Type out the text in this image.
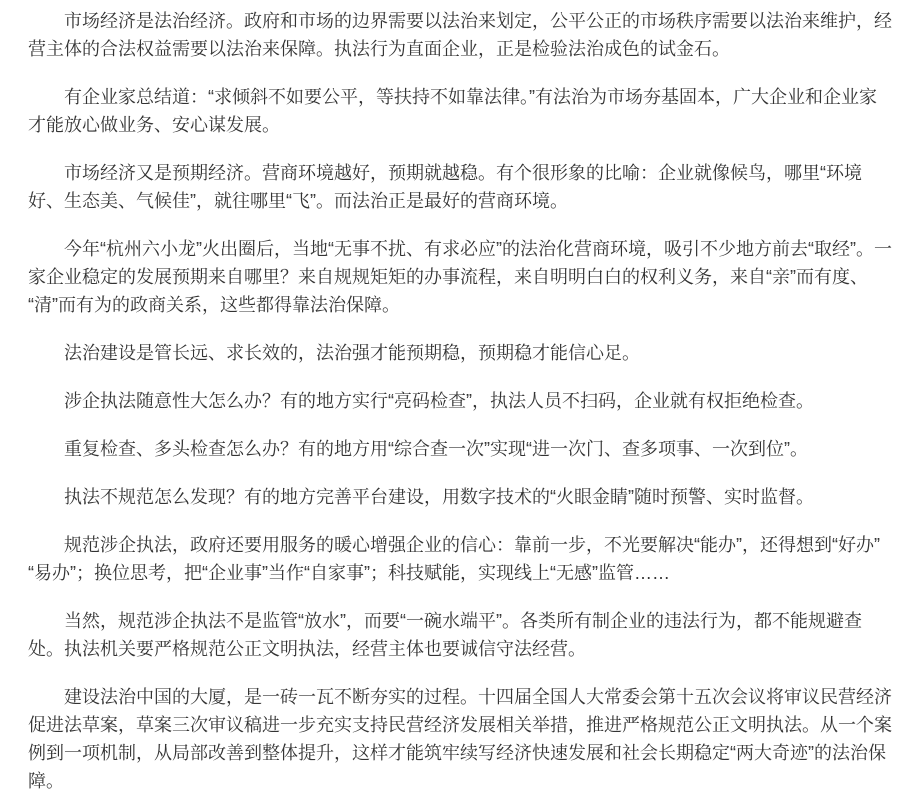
市场经济是法治经济。政府和市场的边界需要以法治来划定，公平公正的市场秩序需要以法治来维护，经营主体的合法权益需要以法治来保障。执法行为直面企业，正是检验法治成色的试金石。

有企业家总结道：“求倾斜不如要公平，等扶持不如靠法律。”有法治为市场夯基固本，广大企业和企业家才能放心做业务、安心谋发展。

市场经济又是预期经济。营商环境越好，预期就越稳。有个很形象的比喻：企业就像候鸟，哪里“环境好、生态美、气候佳”，就往哪里“飞”。而法治正是最好的营商环境。

今年“杭州六小龙”火出圈后，当地“无事不扰、有求必应”的法治化营商环境，吸引不少地方前去“取经”。一家企业稳定的发展预期来自哪里？来自规规矩矩的办事流程，来自明明白白的权利义务，来自“亲”而有度、“清”而有为的政商关系，这些都得靠法治保障。

法治建设是管长远、求长效的，法治强才能预期稳，预期稳才能信心足。

涉企执法随意性大怎么办？有的地方实行“亮码检查”，执法人员不扫码，企业就有权拒绝检查。

重复检查、多头检查怎么办？有的地方用“综合查一次”实现“进一次门、查多项事、一次到位”。

执法不规范怎么发现？有的地方完善平台建设，用数字技术的“火眼金睛”随时预警、实时监督。

规范涉企执法，政府还要用服务的暖心增强企业的信心：靠前一步，不光要解决“能办”，还得想到“好办”“易办”；换位思考，把“企业事”当作“自家事”；科技赋能，实现线上“无感”监管……

当然，规范涉企执法不是监管“放水”，而要“一碗水端平”。各类所有制企业的违法行为，都不能规避查处。执法机关要严格规范公正文明执法，经营主体也要诚信守法经营。

建设法治中国的大厦，是一砖一瓦不断夯实的过程。十四届全国人大常委会第十五次会议将审议民营经济促进法草案，草案三次审议稿进一步充实支持民营经济发展相关举措，推进严格规范公正文明执法。从一个案例到一项机制，从局部改善到整体提升，这样才能筑牢续写经济快速发展和社会长期稳定“两大奇迹”的法治保障。
